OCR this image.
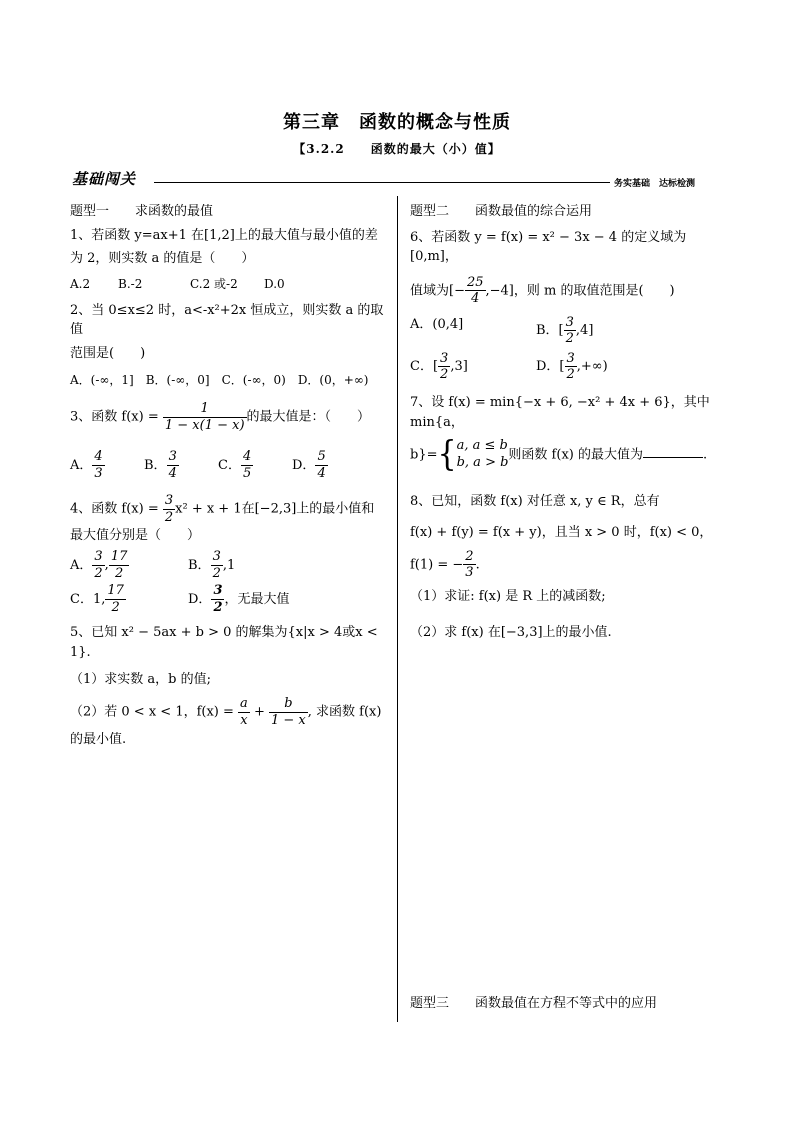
第三章　函数的概念与性质
【3.2.2　　函数的最大（小）值】
基础闯关	务实基础　达标检测

题型一　　求函数的最值

1、若函数 y=ax+1 在[1,2]上的最大值与最小值的差

为 2，则实数 a 的值是（　　）

A.2	B.-2	C.2 或-2	D.0

2、当 0≤x≤2 时，a<-x²+2x 恒成立，则实数 a 的取值

范围是(　　)

A．(-∞，1]　B．(-∞，0]　C．(-∞，0)　D．(0，+∞)

3、函数 $f(x) = \frac{1}{1 - x(1 - x)}$ 的最大值是：（　　）
A． $\frac{4}{3}$	B． $\frac{3}{4}$	C． $\frac{4}{5}$	D． $\frac{5}{4}$
4、函数 $f(x) = \frac{3}{2} x^2 + x + 1$在[−2,3]上的最小值和

最大值分别是（　　）

A． $\frac{3}{2}$ , $\frac{17}{2}$	B． $\frac{3}{2} ,1$
C．1, $\frac{17}{2}$	D． $\frac{3}{2}$ ，无最大值

5、已知 x² − 5ax + b > 0 的解集为{x|x > 4或x < 1}.

（1）求实数 a，b 的值;

（2）若 0 < x < 1，$f(x) = \frac{a}{x} + \frac{b}{1 - x}$ , 求函数 f(x)

的最小值.

题型二　　函数最值的综合运用

6、若函数 y = f(x) = x² − 3x − 4 的定义域为[0,m]，

值域为[− $\frac{25}{4} ,-4$]，则 m 的取值范围是(　　)
A．(0,4]	B．[ $\frac{3}{2} ,4$]
C．[ $\frac{3}{2} ,3$]	D．[ $\frac{3}{2}$ ,+∞)

7、设 f(x) = min{−x + 6, −x² + 4x + 6}，其中 min{a，

b}={ a, a ≤ b
b, a > b 则函数 f(x) 的最大值为	.

8、已知，函数 f(x) 对任意 x, y ∈ R，总有

f(x) + f(y) = f(x + y)，且当 x > 0 时，f(x) < 0，

f(1) = − $\frac{2}{3}$ .

（1）求证: f(x) 是 R 上的减函数;

（2）求 f(x) 在[−3,3]上的最小值.

题型三　　函数最值在方程不等式中的应用
